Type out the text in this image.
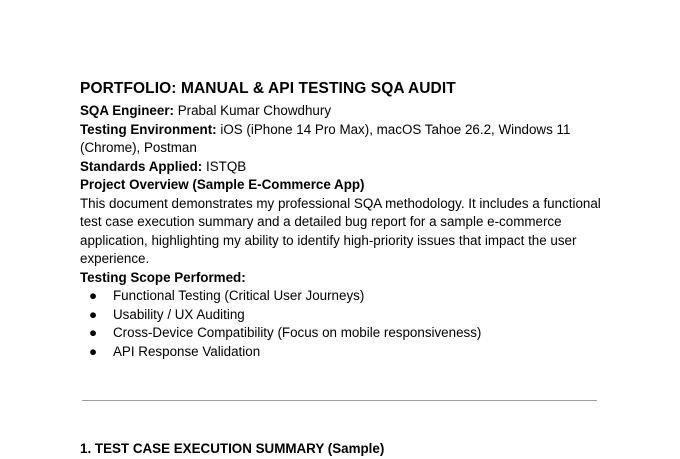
PORTFOLIO: MANUAL & API TESTING SQA AUDIT

SQA Engineer: Prabal Kumar Chowdhury

Testing Environment: iOS (iPhone 14 Pro Max), macOS Tahoe 26.2, Windows 11

(Chrome), Postman

Standards Applied: ISTQB

Project Overview (Sample E-Commerce App)

This document demonstrates my professional SQA methodology. It includes a functional

test case execution summary and a detailed bug report for a sample e-commerce

application, highlighting my ability to identify high-priority issues that impact the user

experience.

Testing Scope Performed:

● Functional Testing (Critical User Journeys)
● Usability / UX Auditing
● Cross-Device Compatibility (Focus on mobile responsiveness)
● API Response Validation
1. TEST CASE EXECUTION SUMMARY (Sample)
